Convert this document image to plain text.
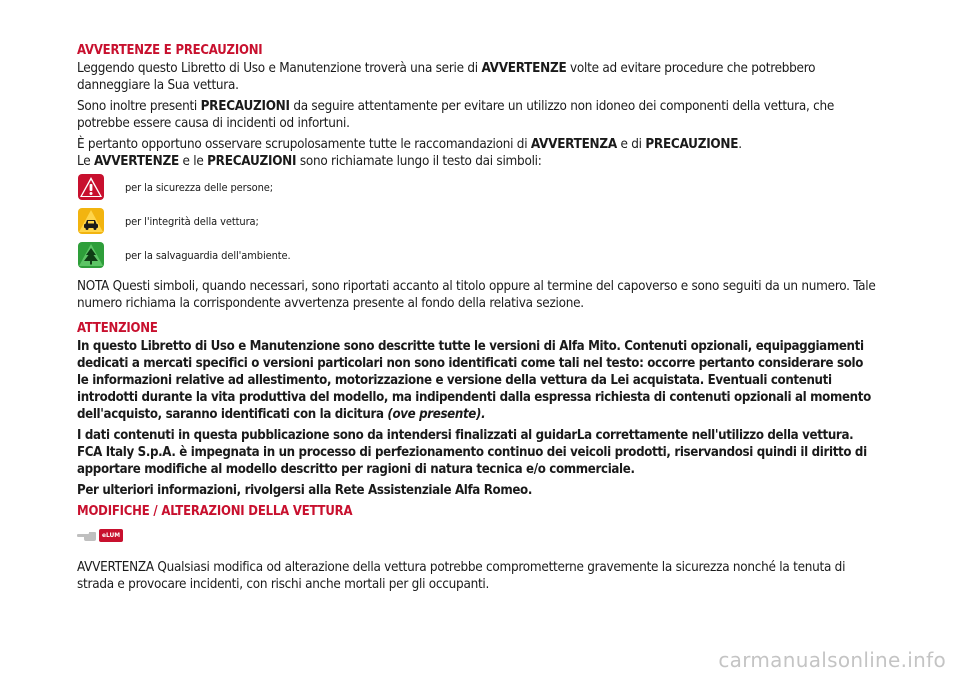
AVVERTENZE E PRECAUZIONI

Leggendo questo Libretto di Uso e Manutenzione troverà una serie di AVVERTENZE volte ad evitare procedure che potrebbero danneggiare la Sua vettura.

Sono inoltre presenti PRECAUZIONI da seguire attentamente per evitare un utilizzo non idoneo dei componenti della vettura, che potrebbe essere causa di incidenti od infortuni.

È pertanto opportuno osservare scrupolosamente tutte le raccomandazioni di AVVERTENZA e di PRECAUZIONE.

Le AVVERTENZE e le PRECAUZIONI sono richiamate lungo il testo dai simboli:

per la sicurezza delle persone;
per l'integrità della vettura;
per la salvaguardia dell'ambiente.

NOTA Questi simboli, quando necessari, sono riportati accanto al titolo oppure al termine del capoverso e sono seguiti da un numero. Tale numero richiama la corrispondente avvertenza presente al fondo della relativa sezione.

ATTENZIONE

In questo Libretto di Uso e Manutenzione sono descritte tutte le versioni di Alfa Mito. Contenuti opzionali, equipaggiamenti dedicati a mercati specifici o versioni particolari non sono identificati come tali nel testo: occorre pertanto considerare solo le informazioni relative ad allestimento, motorizzazione e versione della vettura da Lei acquistata. Eventuali contenuti introdotti durante la vita produttiva del modello, ma indipendenti dalla espressa richiesta di contenuti opzionali al momento dell'acquisto, saranno identificati con la dicitura (ove presente).

I dati contenuti in questa pubblicazione sono da intendersi finalizzati al guidarLa correttamente nell'utilizzo della vettura. FCA Italy S.p.A. è impegnata in un processo di perfezionamento continuo dei veicoli prodotti, riservandosi quindi il diritto di apportare modifiche al modello descritto per ragioni di natura tecnica e/o commerciale.

Per ulteriori informazioni, rivolgersi alla Rete Assistenziale Alfa Romeo.

MODIFICHE / ALTERAZIONI DELLA VETTURA
eLUM

AVVERTENZA Qualsiasi modifica od alterazione della vettura potrebbe comprometterne gravemente la sicurezza nonché la tenuta di strada e provocare incidenti, con rischi anche mortali per gli occupanti.

carmanualsonline.info
